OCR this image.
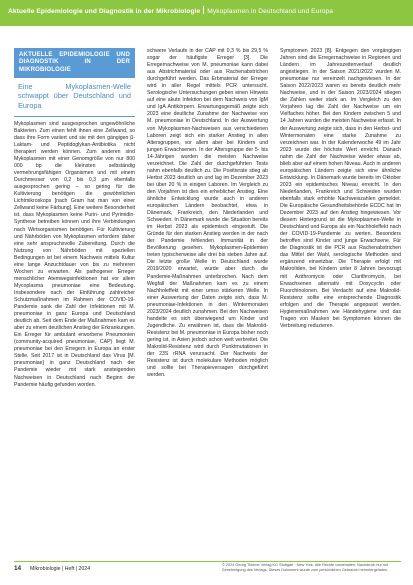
Aktuelle Epidemiologie und Diagnostik in der Mikrobiologie Mykoplasmen in Deutschland und Europa
AKTUELLE EPIDEMIOLOGIE UND DIAGNOSTIK IN DER MIKROBIOLOGIE
Eine Mykoplasmen-Welle schwappt über Deutschland und Europa

Mykoplasmen sind ausgesprochen ungewöhnliche Bakterien. Zum einen fehlt ihnen eine Zellwand, so dass ihre Form variiert und sie mit den gängigen β-Laktam- und Peptidoglykan-Antibiotika nicht therapiert werden können. Zum anderen sind Mykoplasmen mit einer Genomgröße von nur 800 000 bp die kleinsten selbständig vermehrungsfähigen Organismen und mit einem Durchmesser von 0,2 bis 0,3 µm ebenfalls ausgesprochen gering – so gering für die Kultivierung benötigen die gewöhnlichen Lichtmikroskops [nach Gram hat man von einer Zellwand keine Färbung]. Eine weitere Besonderheit ist, dass Mykoplasmen keine Purin- und Pyrimidin-Synthese betreiben können und ihre Verbindungen nach Wirtsorganismen benötigen. Für Kultivierung und Nährböden von Mykoplasmen erfordern daher eine sehr anspruchsvolle Zubereitung. Durch die Nutzung von Nährböden mit speziellen Bedingungen ist bei einem Nachweis mittels Kultur eine lange Anzuchtdauer von bis zu mehreren Wochen zu erwarten. Als pathogener Erreger menschlicher Atemwegsinfektionen hat vor allem Mycoplasma pneumoniae eine Bedeutung. Insbesondere nach der Einführung zahlreicher Schutzmaßnahmen im Rahmen der COVID-19-Pandemie sank die Zahl der Infektionen mit M. pneumoniae in ganz Europa und Deutschland deutlich ab. Seit dem Ende der Maßnahmen kam es aber zu einem deutlichen Anstieg der Erkrankungen. Ein Erreger für ambulant erworbene Pneumonien (community-acquired pneumoniae, CAP) liegt M. pneumoniae bei den Erregern in Europa an erster Stelle. Seit 2017 ist in Deutschland das Virus [M. pneumoniae] in ganz Deutschland nach der Pandemie wieder mit stark ansteigenden Nachweisen in Deutschland nach Beginn der Pandemie häufig gefunden worden.

schwere Verlaufe in der CAP mit 0,3 % bis 29,5 % sogar der häufigste Erreger [3]. Die Erregernachweise von M. pneumoniae kann dabei aus Abstrichmaterial oder aus Rachenabstrichen durchgeführt werden. Das Erbmaterial der Erreger wird in aller Regel mittels PCR untersucht. Serologische Untersuchungen geben einen Hinweis auf eine akute Infektion bei dem Nachweis von IgM und IgA Antikörpern. Erwartungsgemäß zeigte sich 2023 eine deutliche Zunahme der Nachweise von M. pneumoniae in Deutschland. In der Auswertung von Mykoplasmen-Nachweisen aus verschiedenen Laboren zeigt sich ein starker Anstieg in allen Altersgruppen, vor allem aber bei Kindern und jungen Erwachsenen. In der Altersgruppe der 5- bis 14-Jährigen wurden die meisten Nachweise verzeichnet. Die Zahl der durchgeführten Tests nahm ebenfalls deutlich zu. Die Positivrate stieg ab Herbst 2023 deutlich an und lag im Dezember 2023 bei über 20 % in einigen Laboren. Im Vergleich zu den Vorjahren ist dies ein erheblicher Anstieg. Eine ähnliche Entwicklung wurde auch in anderen europäischen Ländern beobachtet, etwa in Dänemark, Frankreich, den Niederlanden und Schweden. In Dänemark wurde die Situation bereits im Herbst 2023 als epidemisch eingestuft. Die Gründe für den starken Anstieg werden in der nach der Pandemie fehlenden Immunität in der Bevölkerung gesehen. Mykoplasmen-Epidemien treten typischerweise alle drei bis sieben Jahre auf. Die letzte große Welle in Deutschland wurde 2019/2020 erwartet, wurde aber durch die Pandemie-Maßnahmen unterbrochen. Nach dem Wegfall der Maßnahmen kam es zu einem Nachholeffekt mit einer umso stärkeren Welle. In einer Auswertung der Daten zeigte sich, dass M. pneumoniae-Infektionen in den Wintermonaten 2023/2024 deutlich zunahmen. Bei den Nachweisen handelte es sich überwiegend um Kinder und Jugendliche. Zu erwähnen ist, dass die Makrolid-Resistenz bei M. pneumoniae in Europa bisher noch gering ist, in Asien jedoch schon weit verbreitet. Die Makrolid-Resistenz wird durch Punktmutationen in der 23S rRNA verursacht. Der Nachweis der Resistenz ist durch molekulare Methoden möglich und sollte bei Therapieversagen durchgeführt werden.

Symptomen 2023 [8]. Entgegen den vorgängigen Jahren sind die Erregernachweise in Regionen und Ländern im Jahreszeitenverlauf deutlich angestiegen. In der Saison 2021/2022 wurden M. pneumoniae nur vereinzelt nachgewiesen. In der Saison 2022/2023 waren es bereits deutlich mehr Nachweise, und in der Saison 2023/2024 stiegen die Zahlen weiter stark an. Im Vergleich zu den Vorjahren lag die Zahl der Nachweise um ein Vielfaches höher. Bei den Kindern zwischen 5 und 14 Jahren wurden die meisten Nachweise erfasst. In der Auswertung zeigte sich, dass in den Herbst- und Wintermonaten eine starke Zunahme zu verzeichnen war. In der Kalenderwoche 49 im Jahr 2023 wurde der höchste Wert erreicht. Danach nahm die Zahl der Nachweise wieder etwas ab, blieb aber auf einem hohen Niveau. Auch in anderen europäischen Ländern zeigte sich eine ähnliche Entwicklung. In Dänemark wurde bereits im Oktober 2023 ein epidemisches Niveau erreicht. In den Niederlanden, Frankreich und Schweden wurden ebenfalls stark erhöhte Nachweiszahlen gemeldet. Die Europäische Gesundheitsbehörde ECDC hat im Dezember 2023 auf den Anstieg hingewiesen. Vor diesem Hintergrund ist die Mykoplasmen-Welle in Deutschland und Europa als ein Nachholeffekt nach der COVID-19-Pandemie zu werten. Besonders betroffen sind Kinder und junge Erwachsene. Für die Diagnostik ist die PCR aus Rachenabstrichen das Mittel der Wahl, serologische Methoden sind ergänzend einsetzbar. Die Therapie erfolgt mit Makroliden, bei Kindern unter 8 Jahren bevorzugt mit Azithromycin oder Clarithromycin, bei Erwachsenen alternativ mit Doxycyclin oder Fluorchinolonen. Bei Verdacht auf eine Makrolid-Resistenz sollte eine entsprechende Diagnostik erfolgen und die Therapie angepasst werden. Hygienemaßnahmen wie Händehygiene und das Tragen von Masken bei Symptomen können die Verbreitung reduzieren.

14 Mikrobiologie | Heft | 2024
© 2024 Georg Thieme Verlag KG Stuttgart · New York. Alle Rechte vorbehalten. Nachdruck nur mit Genehmigung des Verlags. Dieses Dokument wurde zum persönlichen Gebrauch heruntergeladen.
